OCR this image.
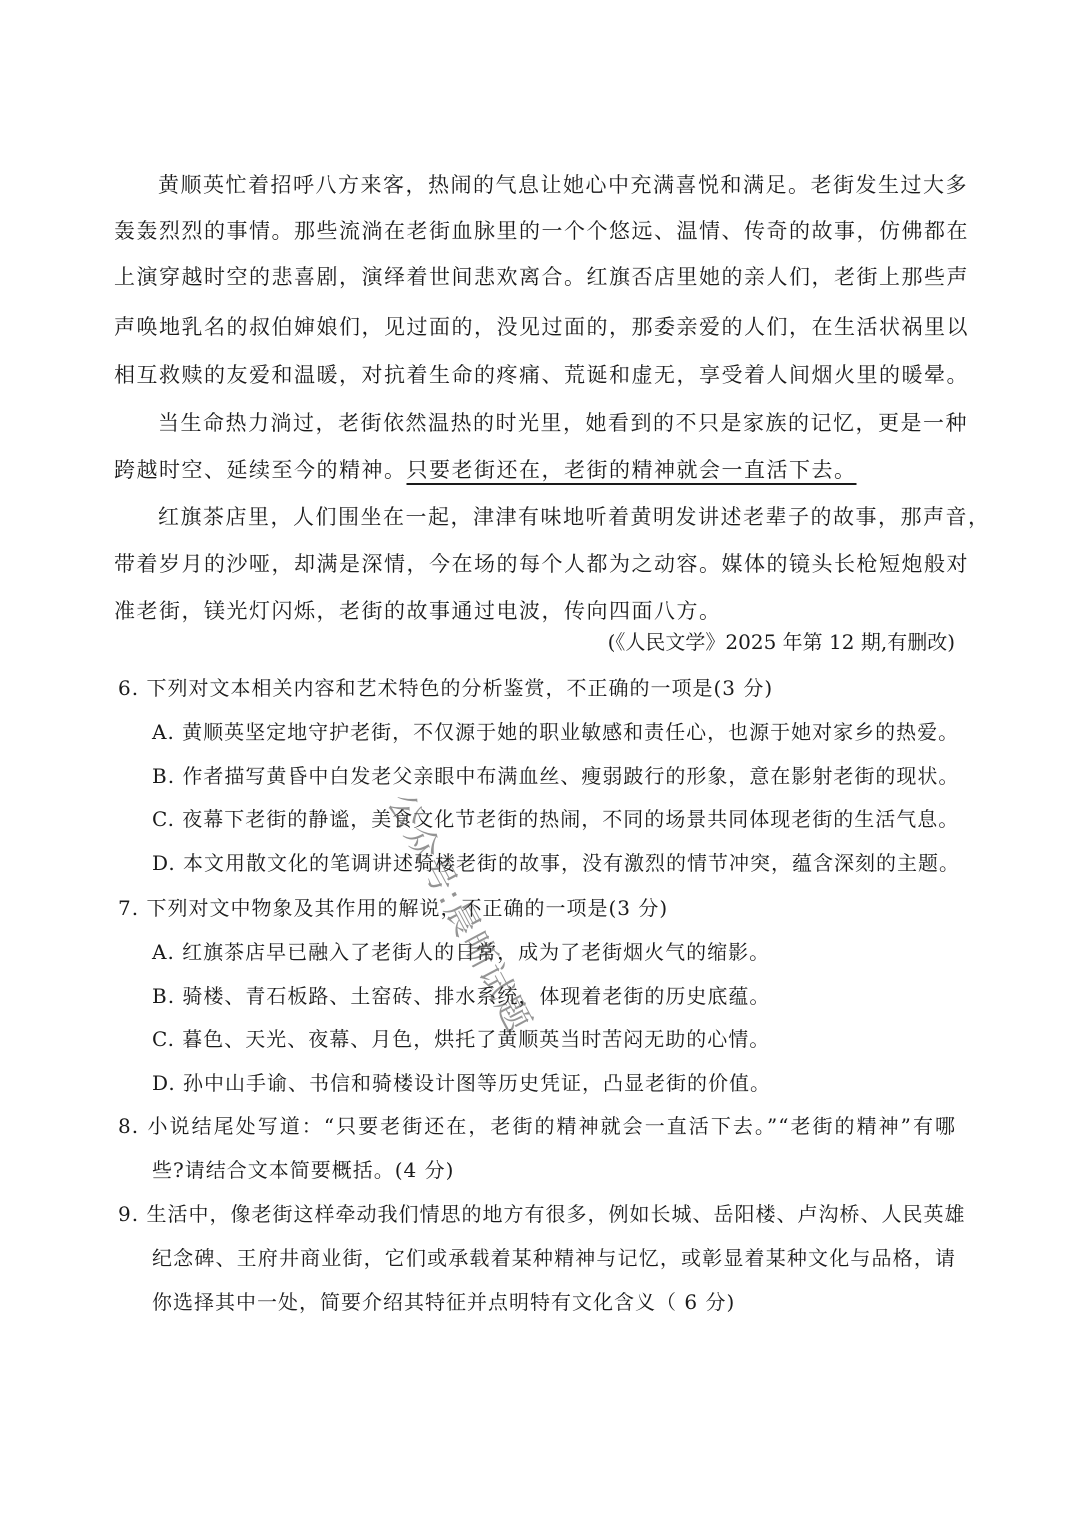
黄顺英忙着招呼八方来客，热闹的气息让她心中充满喜悦和满足。老街发生过大多
轰轰烈烈的事情。那些流淌在老街血脉里的一个个悠远、温情、传奇的故事，仿佛都在
上演穿越时空的悲喜剧，演绎着世间悲欢离合。红旗否店里她的亲人们，老街上那些声
声唤地乳名的叔伯婶娘们，见过面的，没见过面的，那委亲爱的人们，在生活状祸里以
相互救赎的友爱和温暖，对抗着生命的疼痛、荒诞和虚无，享受着人间烟火里的暖晕。
当生命热力淌过，老街依然温热的时光里，她看到的不只是家族的记忆，更是一种
跨越时空、延续至今的精神。只要老街还在，老街的精神就会一直活下去。
红旗茶店里，人们围坐在一起，津津有味地听着黄明发讲述老辈子的故事，那声音，
带着岁月的沙哑，却满是深情，今在场的每个人都为之动容。媒体的镜头长枪短炮般对
准老街，镁光灯闪烁，老街的故事通过电波，传向四面八方。
(《人民文学》2025 年第 12 期,有删改)
6. 下列对文本相关内容和艺术特色的分析鉴赏，不正确的一项是(3 分)
A. 黄顺英坚定地守护老街，不仅源于她的职业敏感和责任心，也源于她对家乡的热爱。
B. 作者描写黄昏中白发老父亲眼中布满血丝、瘦弱跛行的形象，意在影射老街的现状。
C. 夜幕下老街的静谧，美食文化节老街的热闹，不同的场景共同体现老街的生活气息。
D. 本文用散文化的笔调讲述骑楼老街的故事，没有激烈的情节冲突，蕴含深刻的主题。
7. 下列对文中物象及其作用的解说，不正确的一项是(3 分)
A. 红旗茶店早已融入了老街人的日常，成为了老街烟火气的缩影。
B. 骑楼、青石板路、土窑砖、排水系统，体现着老街的历史底蕴。
C. 暮色、天光、夜幕、月色，烘托了黄顺英当时苦闷无助的心情。
D. 孙中山手谕、书信和骑楼设计图等历史凭证，凸显老街的价值。
8. 小说结尾处写道：“只要老街还在，老街的精神就会一直活下去。”“老街的精神”有哪
些?请结合文本简要概括。(4 分)
9. 生活中，像老街这样牵动我们情思的地方有很多，例如长城、岳阳楼、卢沟桥、人民英雄
纪念碑、王府井商业街，它们或承载着某种精神与记忆，或彰显着某种文化与品格，请
你选择其中一处，简要介绍其特征并点明特有文化含义（ 6 分)
公众号:晨晰试题
